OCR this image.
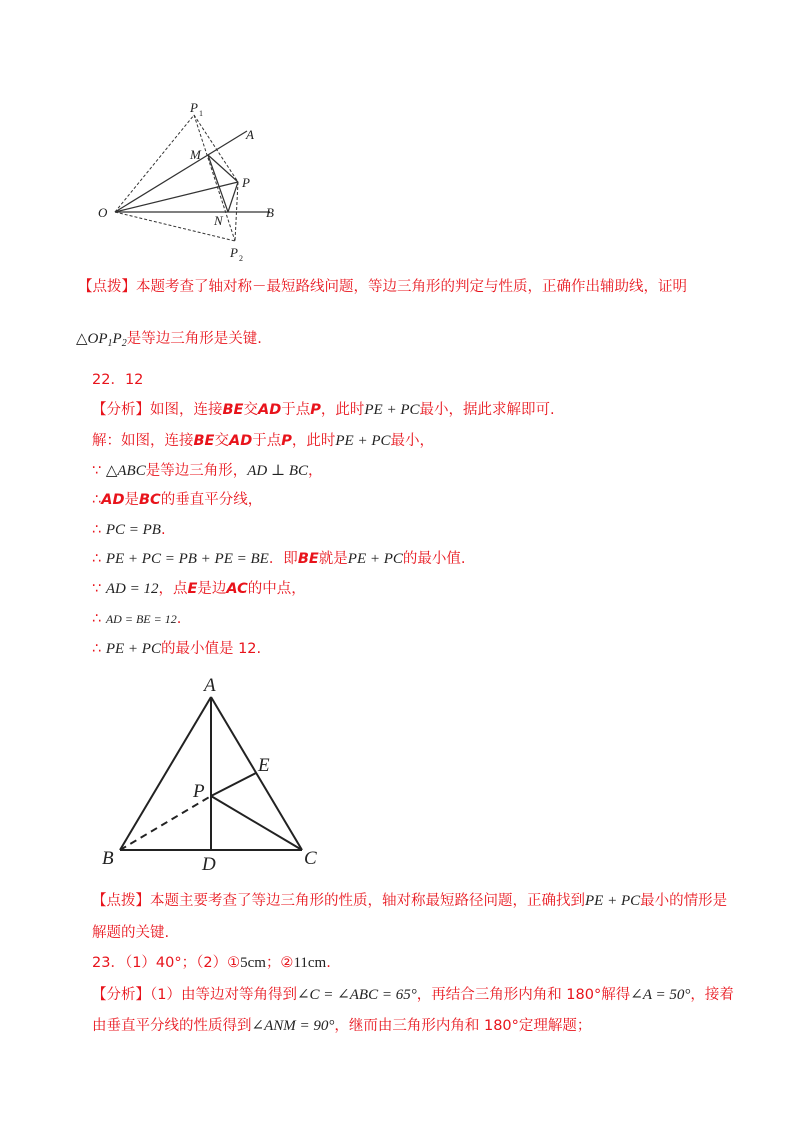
P 1
A
M
P
O
N
B
P 2
【点拨】本题考查了轴对称－最短路线问题，等边三角形的判定与性质，正确作出辅助线，证明
$\triangle OP_1P_2$是等边三角形是关键.
22．12
【分析】如图，连接BE交AD于点P，此时PE + PC最小，据此求解即可.
解：如图，连接BE交AD于点P，此时PE + PC最小，
∵ △ABC是等边三角形，AD ⊥ BC，
∴AD是BC的垂直平分线，
∴ PC = PB.
∴ PE + PC = PB + PE = BE．即BE就是PE + PC的最小值.
∵ AD = 12，点E是边AC的中点，
∴ AD = BE = 12.
∴ PE + PC的最小值是 12.
A
E
P
B	D	C
【点拨】本题主要考查了等边三角形的性质，轴对称最短路径问题，正确找到PE + PC最小的情形是
解题的关键.
23．（1）40°；（2）①5cm；②11cm.
【分析】（1）由等边对等角得到∠C = ∠ABC = 65°，再结合三角形内角和 180°解得∠A = 50°，接着
由垂直平分线的性质得到∠ANM = 90°，继而由三角形内角和 180°定理解题；
